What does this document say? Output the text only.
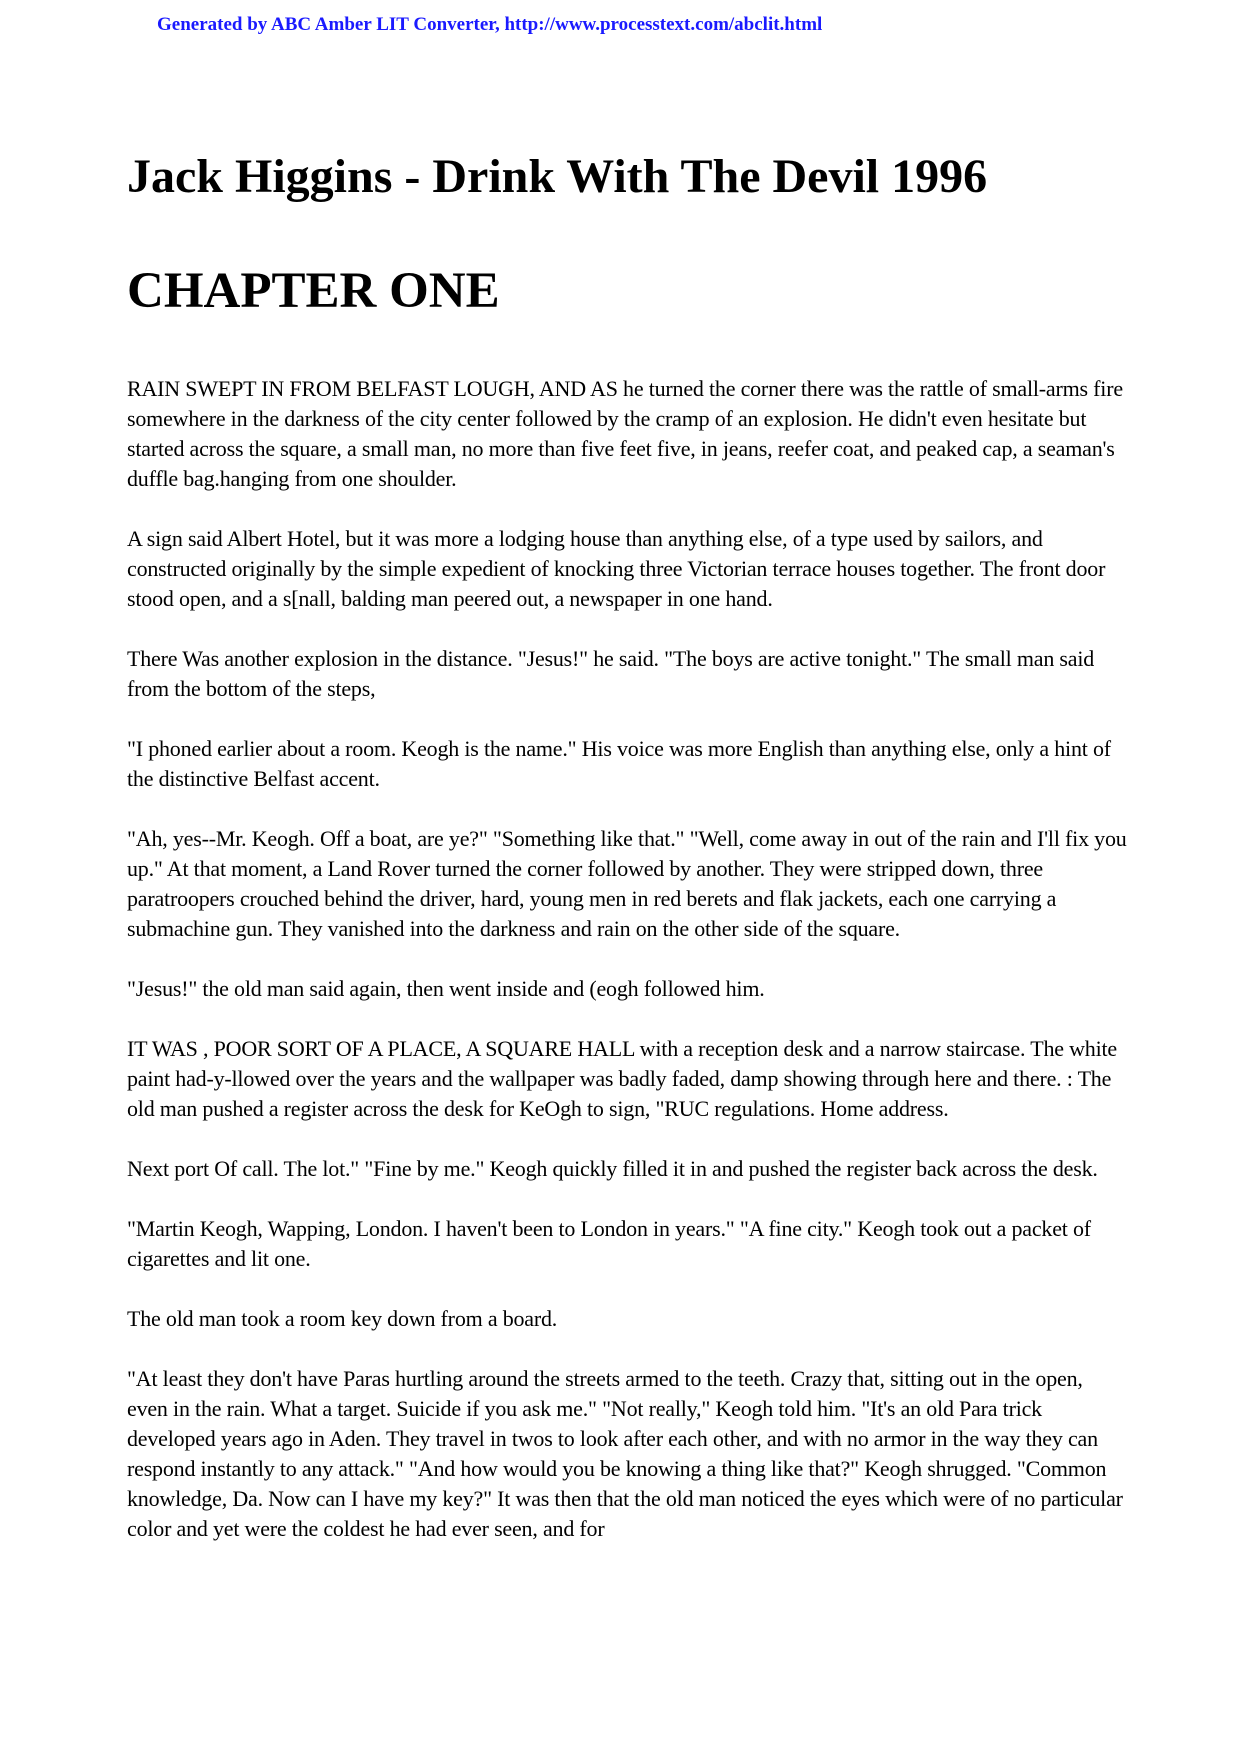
Generated by ABC Amber LIT Converter, http://www.processtext.com/abclit.html
Jack Higgins - Drink With The Devil 1996
CHAPTER ONE

RAIN SWEPT IN FROM BELFAST LOUGH, AND AS he turned the corner there was the rattle of small-arms fire somewhere in the darkness of the city center followed by the cramp of an explosion. He didn't even hesitate but started across the square, a small man, no more than five feet five, in jeans, reefer coat, and peaked cap, a seaman's duffle bag.hanging from one shoulder.

A sign said Albert Hotel, but it was more a lodging house than anything else, of a type used by sailors, and constructed originally by the simple expedient of knocking three Victorian terrace houses together. The front door stood open, and a s[nall, balding man peered out, a newspaper in one hand.

There Was another explosion in the distance. "Jesus!" he said. "The boys are active tonight." The small man said from the bottom of the steps,

"I phoned earlier about a room. Keogh is the name." His voice was more English than anything else, only a hint of the distinctive Belfast accent.

"Ah, yes--Mr. Keogh. Off a boat, are ye?" "Something like that." "Well, come away in out of the rain and I'll fix you up." At that moment, a Land Rover turned the corner followed by another. They were stripped down, three paratroopers crouched behind the driver, hard, young men in red berets and flak jackets, each one carrying a submachine gun. They vanished into the darkness and rain on the other side of the square.

"Jesus!" the old man said again, then went inside and (eogh followed him.

IT WAS , POOR SORT OF A PLACE, A SQUARE HALL with a reception desk and a narrow staircase. The white paint had-y-llowed over the years and the wallpaper was badly faded, damp showing through here and there. : The old man pushed a register across the desk for KeOgh to sign, "RUC regulations. Home address.

Next port Of call. The lot." "Fine by me." Keogh quickly filled it in and pushed the register back across the desk.

"Martin Keogh, Wapping, London. I haven't been to London in years." "A fine city." Keogh took out a packet of cigarettes and lit one.

The old man took a room key down from a board.

"At least they don't have Paras hurtling around the streets armed to the teeth. Crazy that, sitting out in the open, even in the rain. What a target. Suicide if you ask me." "Not really," Keogh told him. "It's an old Para trick developed years ago in Aden. They travel in twos to look after each other, and with no armor in the way they can respond instantly to any attack." "And how would you be knowing a thing like that?" Keogh shrugged. "Common knowledge, Da. Now can I have my key?" It was then that the old man noticed the eyes which were of no particular color and yet were the coldest he had ever seen, and for
